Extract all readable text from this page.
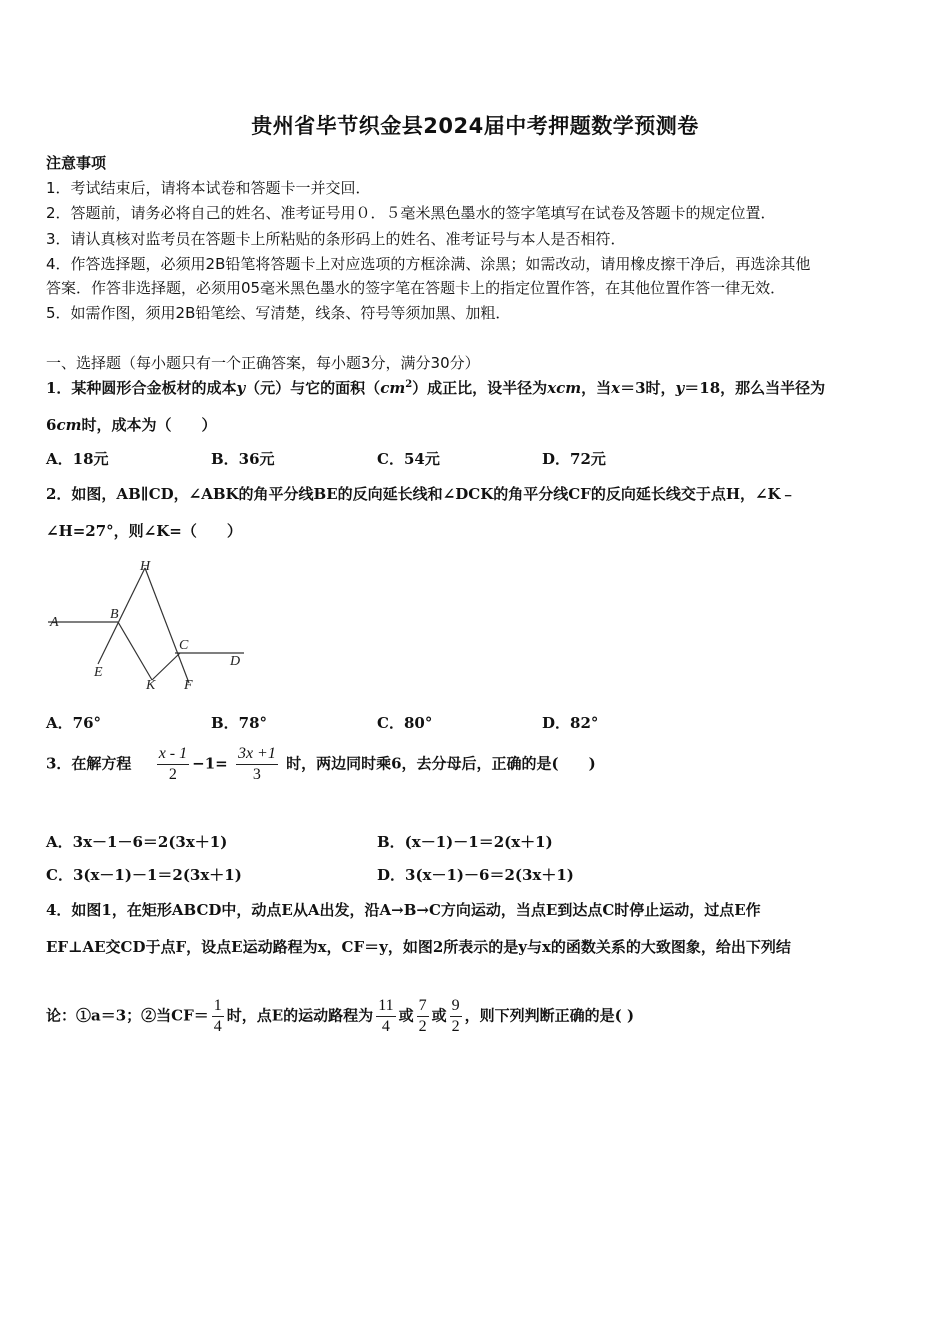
贵州省毕节织金县2024届中考押题数学预测卷
注意事项
1．考试结束后，请将本试卷和答题卡一并交回．
2．答题前，请务必将自己的姓名、准考证号用０．５毫米黑色墨水的签字笔填写在试卷及答题卡的规定位置．
3．请认真核对监考员在答题卡上所粘贴的条形码上的姓名、准考证号与本人是否相符．
4．作答选择题，必须用2B铅笔将答题卡上对应选项的方框涂满、涂黑；如需改动，请用橡皮擦干净后，再选涂其他
答案．作答非选择题，必须用05毫米黑色墨水的签字笔在答题卡上的指定位置作答，在其他位置作答一律无效．
5．如需作图，须用2B铅笔绘、写清楚，线条、符号等须加黑、加粗．
一、选择题（每小题只有一个正确答案，每小题3分，满分30分）
1．某种圆形合金板材的成本y（元）与它的面积$(cm^2)$成正比，设半径为xcm，当x＝3时，y＝18，那么当半径为
6cm时，成本为（　　）
A．18元	B．36元	C．54元	D．72元
2．如图，AB∥CD，∠ABK的角平分线BE的反向延长线和∠DCK的角平分线CF的反向延长线交于点H，∠K﹣
∠H=27°，则∠K=（　　）
A
B
C
D
E
F
H
K
A．76°	B．78°	C．80°	D．82°
3．在解方程 $\frac{x - 1}{2} -1= \frac{3x +1}{3}$ 时，两边同时乘6，去分母后，正确的是(　　)
A．3x－1－6＝2(3x＋1)	B．(x－1)－1＝2(x＋1)
C．3(x－1)－1＝2(3x＋1)	D．3(x－1)－6＝2(3x＋1)
4．如图1，在矩形ABCD中，动点E从A出发，沿A→B→C方向运动，当点E到达点C时停止运动，过点E作
EF⊥AE交CD于点F，设点E运动路程为x，CF＝y，如图2所表示的是y与x的函数关系的大致图象，给出下列结
论：①a＝3；②当$CF= \frac{1}{4}$ 时，点E的运动路程为 $\frac{11}{4}$ 或 $\frac{7}{2}$ 或 $\frac{9}{2}$ ，则下列判断正确的是( )
